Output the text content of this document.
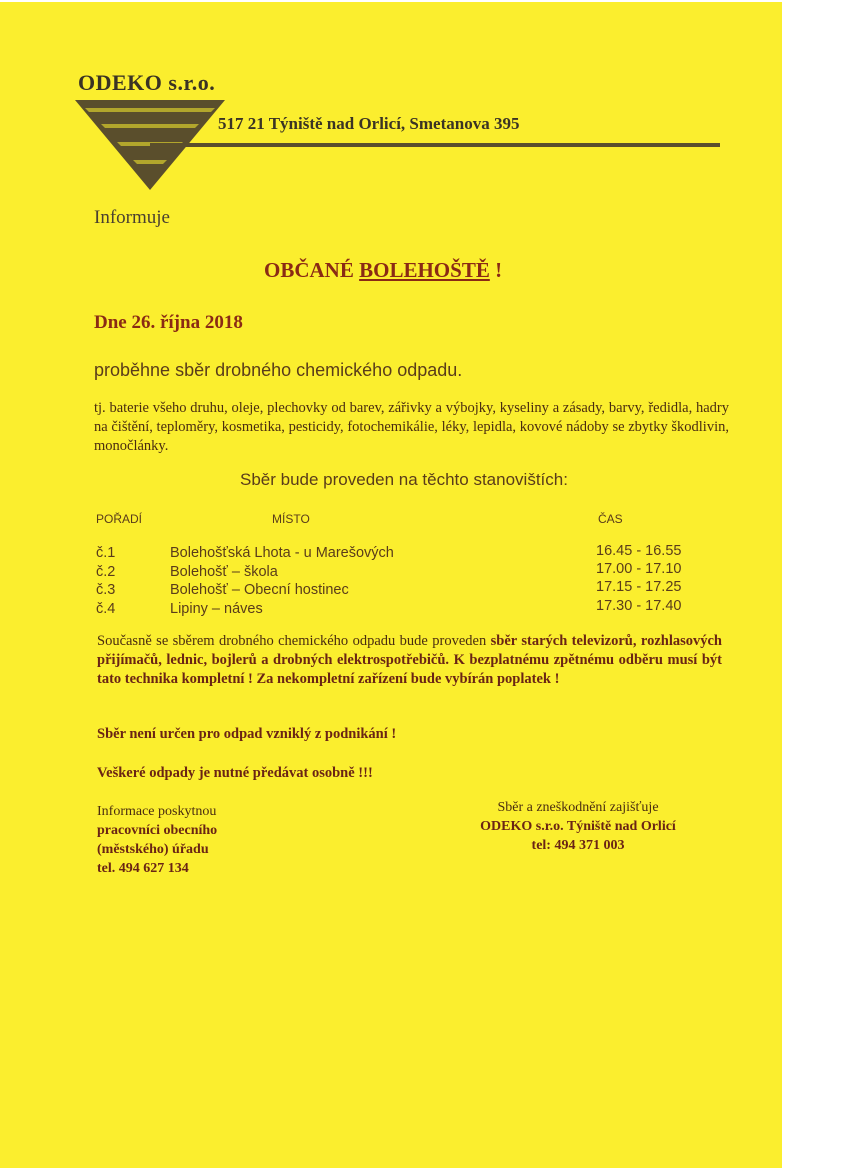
ODEKO s.r.o.
517 21 Týniště nad Orlicí, Smetanova 395
Informuje
OBČANÉ BOLEHOŠTĚ !
Dne 26. října 2018
proběhne sběr drobného chemického odpadu.
tj. baterie všeho druhu, oleje, plechovky od barev, zářivky a výbojky, kyseliny a zásady, barvy, ředidla, hadry na čištění, teploměry, kosmetika, pesticidy, fotochemikálie, léky, lepidla, kovové nádoby se zbytky škodlivin, monočlánky.
Sběr bude proveden na těchto stanovištích:
POŘADÍ	MÍSTO	ČAS
č.1	Bolehošťská Lhota - u Marešových	16.45 - 16.55
č.2	Bolehošť – škola	17.00 - 17.10
č.3	Bolehošť – Obecní hostinec	17.15 - 17.25
č.4	Lipiny – náves	17.30 - 17.40
Současně se sběrem drobného chemického odpadu bude proveden sběr starých televizorů, rozhlasových přijímačů, lednic, bojlerů a drobných elektrospotřebičů. K bezplatnému zpětnému odběru musí být tato technika kompletní ! Za nekompletní zařízení bude vybírán poplatek !
Sběr není určen pro odpad vzniklý z podnikání !
Veškeré odpady je nutné předávat osobně !!!
Informace poskytnou
pracovníci obecního
(městského) úřadu
tel. 494 627 134
Sběr a zneškodnění zajišťuje
ODEKO s.r.o. Týniště nad Orlicí
tel: 494 371 003
